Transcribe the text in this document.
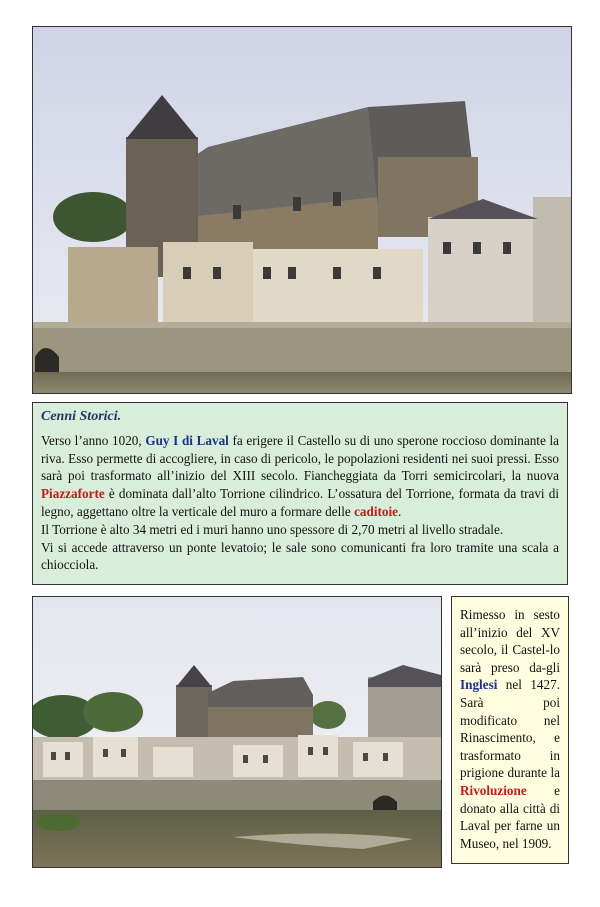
Cenni Storici.

Verso l’anno 1020, Guy I di Laval fa erigere il Castello su di uno sperone roccioso dominante la riva. Esso permette di accogliere, in caso di pericolo, le popolazioni residenti nei suoi pressi. Esso sarà poi trasformato all’inizio del XIII secolo. Fiancheggiata da Torri semicircolari, la nuova Piazzaforte è dominata dall’alto Torrione cilindrico. L’ossatura del Torrione, formata da travi di legno, aggettano oltre la verticale del muro a formare delle caditoie.

Il Torrione è alto 34 metri ed i muri hanno uno spessore di 2,70 metri al livello stradale.

Vi si accede attraverso un ponte levatoio; le sale sono comunicanti fra loro tramite una scala a chiocciola.

Rimesso in sesto all’inizio del XV secolo, il Castel-lo sarà preso da-gli Inglesi nel 1427. Sarà poi modificato nel Rinascimento, e trasformato in prigione durante la Rivoluzione e donato alla città di Laval per farne un Museo, nel 1909.
